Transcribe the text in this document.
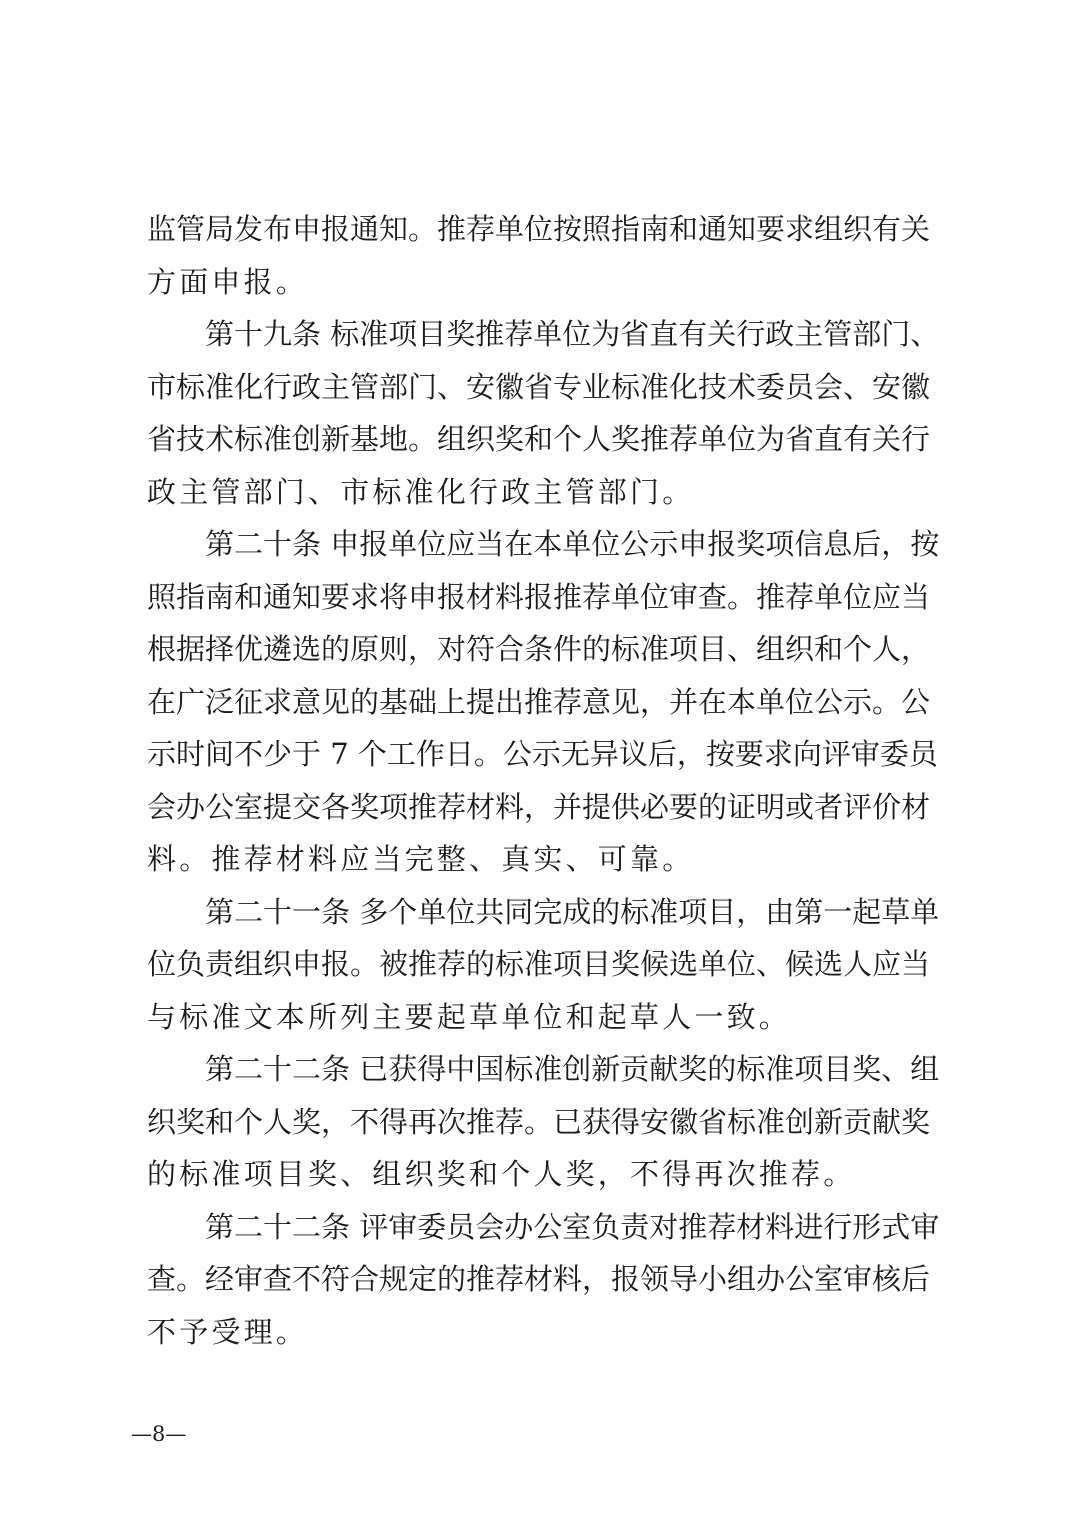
监管局发布申报通知。推荐单位按照指南和通知要求组织有关
方面申报。
第十九条 标准项目奖推荐单位为省直有关行政主管部门、
市标准化行政主管部门、安徽省专业标准化技术委员会、安徽
省技术标准创新基地。组织奖和个人奖推荐单位为省直有关行
政主管部门、市标准化行政主管部门。
第二十条 申报单位应当在本单位公示申报奖项信息后，按
照指南和通知要求将申报材料报推荐单位审查。推荐单位应当
根据择优遴选的原则，对符合条件的标准项目、组织和个人，
在广泛征求意见的基础上提出推荐意见，并在本单位公示。公
示时间不少于 7 个工作日。公示无异议后，按要求向评审委员
会办公室提交各奖项推荐材料，并提供必要的证明或者评价材
料。推荐材料应当完整、真实、可靠。
第二十一条 多个单位共同完成的标准项目，由第一起草单
位负责组织申报。被推荐的标准项目奖候选单位、候选人应当
与标准文本所列主要起草单位和起草人一致。
第二十二条 已获得中国标准创新贡献奖的标准项目奖、组
织奖和个人奖，不得再次推荐。已获得安徽省标准创新贡献奖
的标准项目奖、组织奖和个人奖，不得再次推荐。
第二十二条 评审委员会办公室负责对推荐材料进行形式审
查。经审查不符合规定的推荐材料，报领导小组办公室审核后
不予受理。
—8—
